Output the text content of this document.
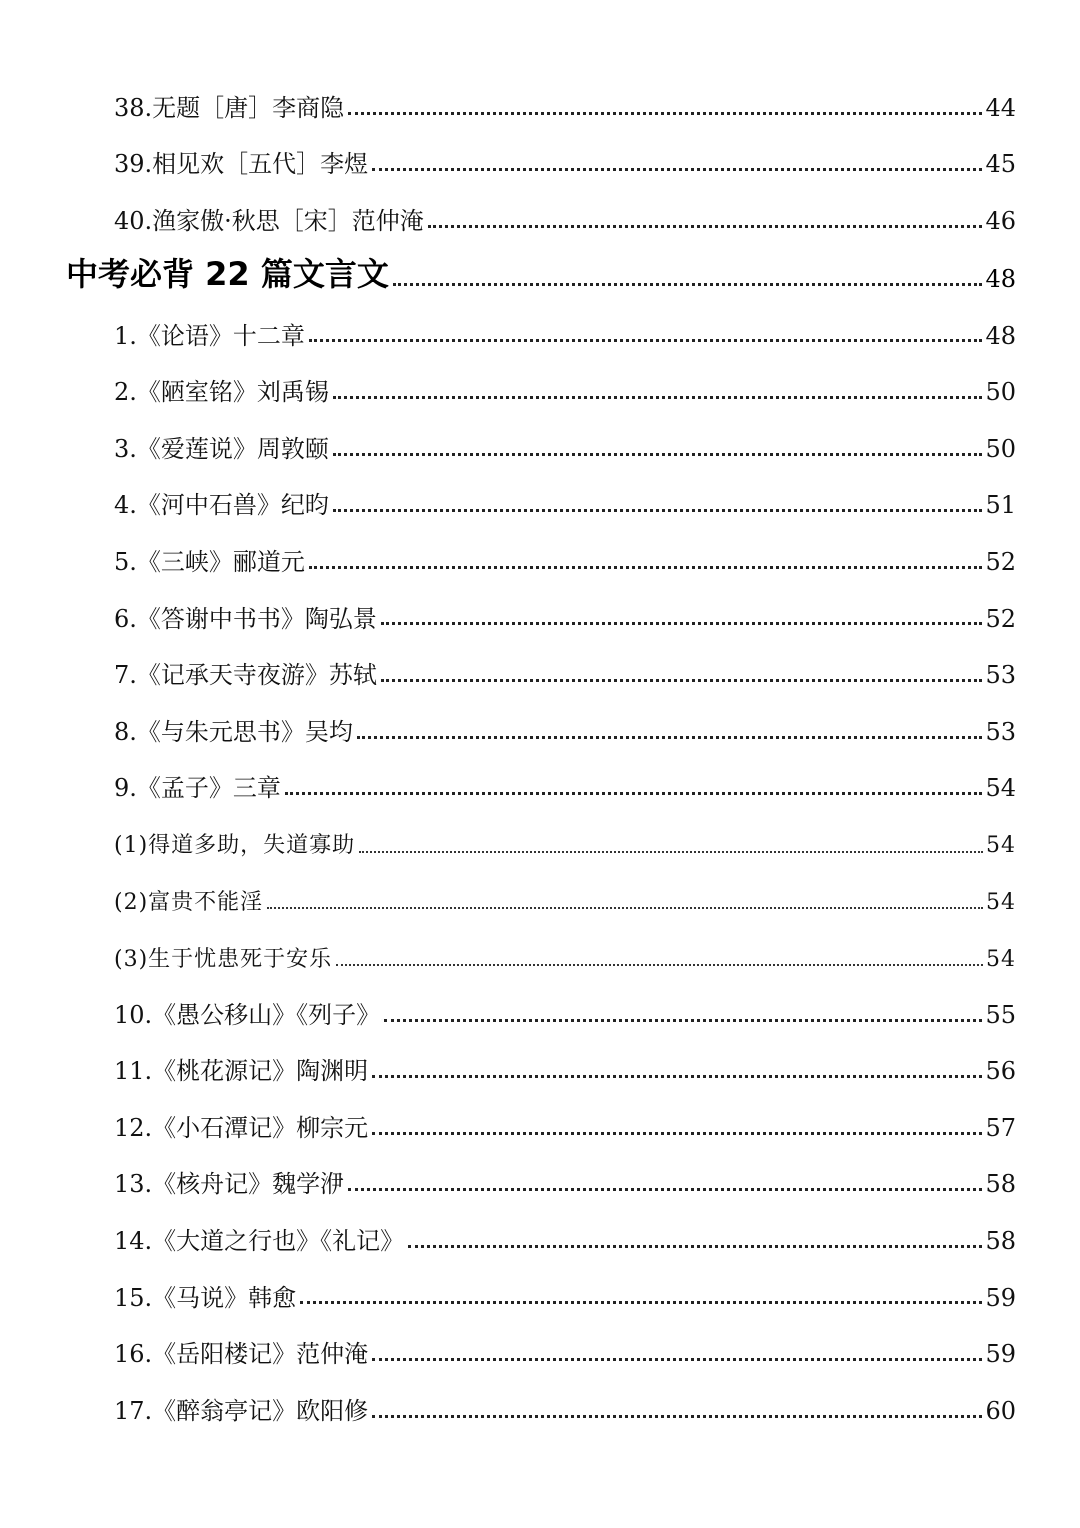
38.无题［唐］李商隐	44
39.相见欢［五代］李煜	45
40.渔家傲·秋思［宋］范仲淹	46
中考必背 22 篇文言文	48
1.《论语》十二章	48
2.《陋室铭》刘禹锡	50
3.《爱莲说》周敦颐	50
4.《河中石兽》纪昀	51
5.《三峡》郦道元	52
6.《答谢中书书》陶弘景	52
7.《记承天寺夜游》苏轼	53
8.《与朱元思书》吴均	53
9.《孟子》三章	54
(1)得道多助，失道寡助	54
(2)富贵不能淫	54
(3)生于忧患死于安乐	54
10.《愚公移山》《列子》	55
11.《桃花源记》陶渊明	56
12.《小石潭记》柳宗元	57
13.《核舟记》魏学洢	58
14.《大道之行也》《礼记》	58
15.《马说》韩愈	59
16.《岳阳楼记》范仲淹	59
17.《醉翁亭记》欧阳修	60
